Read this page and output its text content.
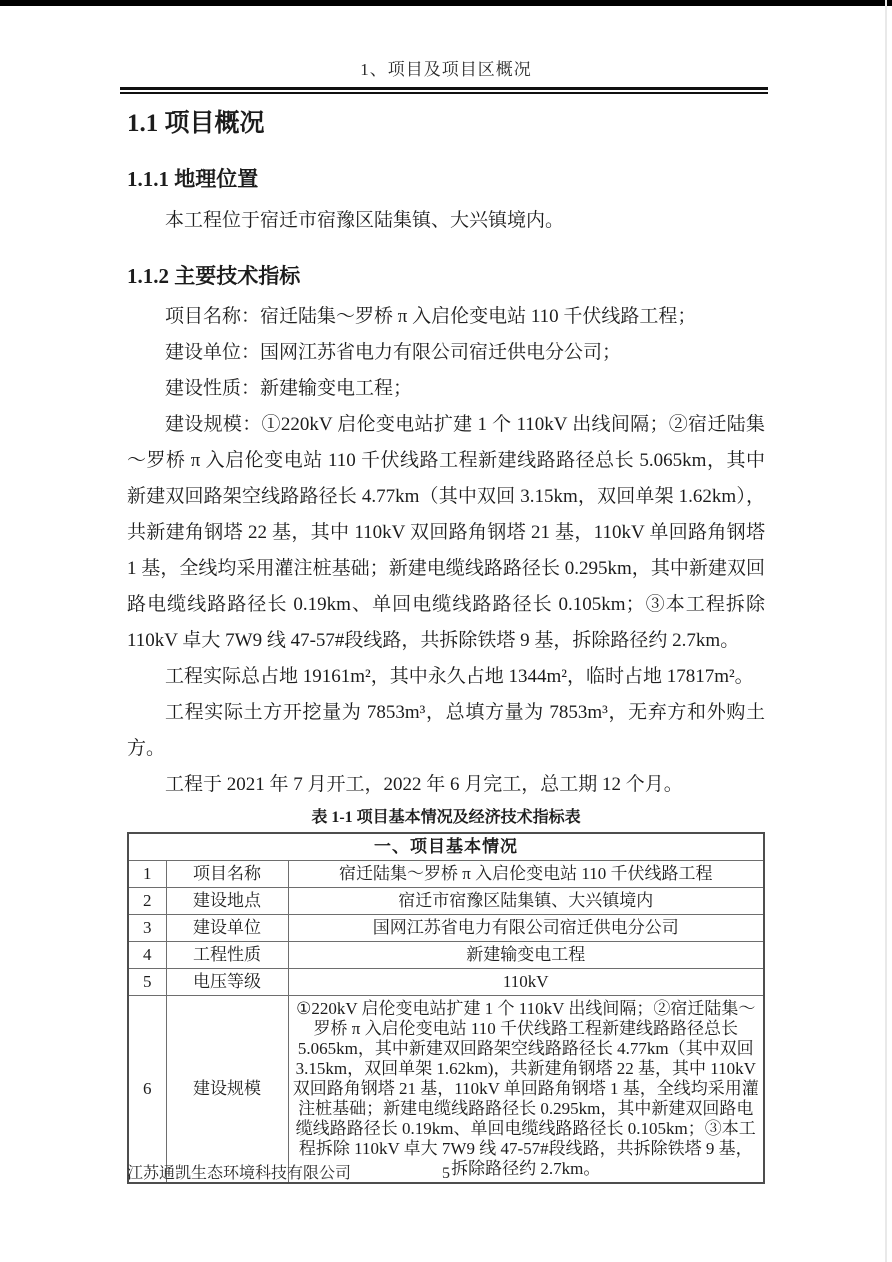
1、项目及项目区概况
1.1 项目概况
1.1.1 地理位置

本工程位于宿迁市宿豫区陆集镇、大兴镇境内。

1.1.2 主要技术指标

项目名称：宿迁陆集～罗桥 π 入启伦变电站 110 千伏线路工程；

建设单位：国网江苏省电力有限公司宿迁供电分公司；

建设性质：新建输变电工程；

建设规模：①220kV 启伦变电站扩建 1 个 110kV 出线间隔；②宿迁陆集～罗桥 π 入启伦变电站 110 千伏线路工程新建线路路径总长 5.065km，其中新建双回路架空线路路径长 4.77km（其中双回 3.15km，双回单架 1.62km），共新建角钢塔 22 基，其中 110kV 双回路角钢塔 21 基，110kV 单回路角钢塔 1 基，全线均采用灌注桩基础；新建电缆线路路径长 0.295km，其中新建双回路电缆线路路径长 0.19km、单回电缆线路路径长 0.105km；③本工程拆除 110kV 卓大 7W9 线 47-57#段线路，共拆除铁塔 9 基，拆除路径约 2.7km。

工程实际总占地 19161m²，其中永久占地 1344m²，临时占地 17817m²。

工程实际土方开挖量为 7853m³，总填方量为 7853m³，无弃方和外购土方。

工程于 2021 年 7 月开工，2022 年 6 月完工，总工期 12 个月。

表 1-1 项目基本情况及经济技术指标表
一、项目基本情况		
1	项目名称	宿迁陆集～罗桥 π 入启伦变电站 110 千伏线路工程
2	建设地点	宿迁市宿豫区陆集镇、大兴镇境内
3	建设单位	国网江苏省电力有限公司宿迁供电分公司
4	工程性质	新建输变电工程
5	电压等级	110kV
6	建设规模	①220kV 启伦变电站扩建 1 个 110kV 出线间隔；②宿迁陆集～罗桥 π 入启伦变电站 110 千伏线路工程新建线路路径总长 5.065km，其中新建双回路架空线路路径长 4.77km（其中双回 3.15km，双回单架 1.62km)，共新建角钢塔 22 基，其中 110kV 双回路角钢塔 21 基，110kV 单回路角钢塔 1 基，全线均采用灌注桩基础；新建电缆线路路径长 0.295km，其中新建双回路电缆线路路径长 0.19km、单回电缆线路路径长 0.105km；③本工程拆除 110kV 卓大 7W9 线 47-57#段线路，共拆除铁塔 9 基，拆除路径约 2.7km。
江苏通凯生态环境科技有限公司	5
